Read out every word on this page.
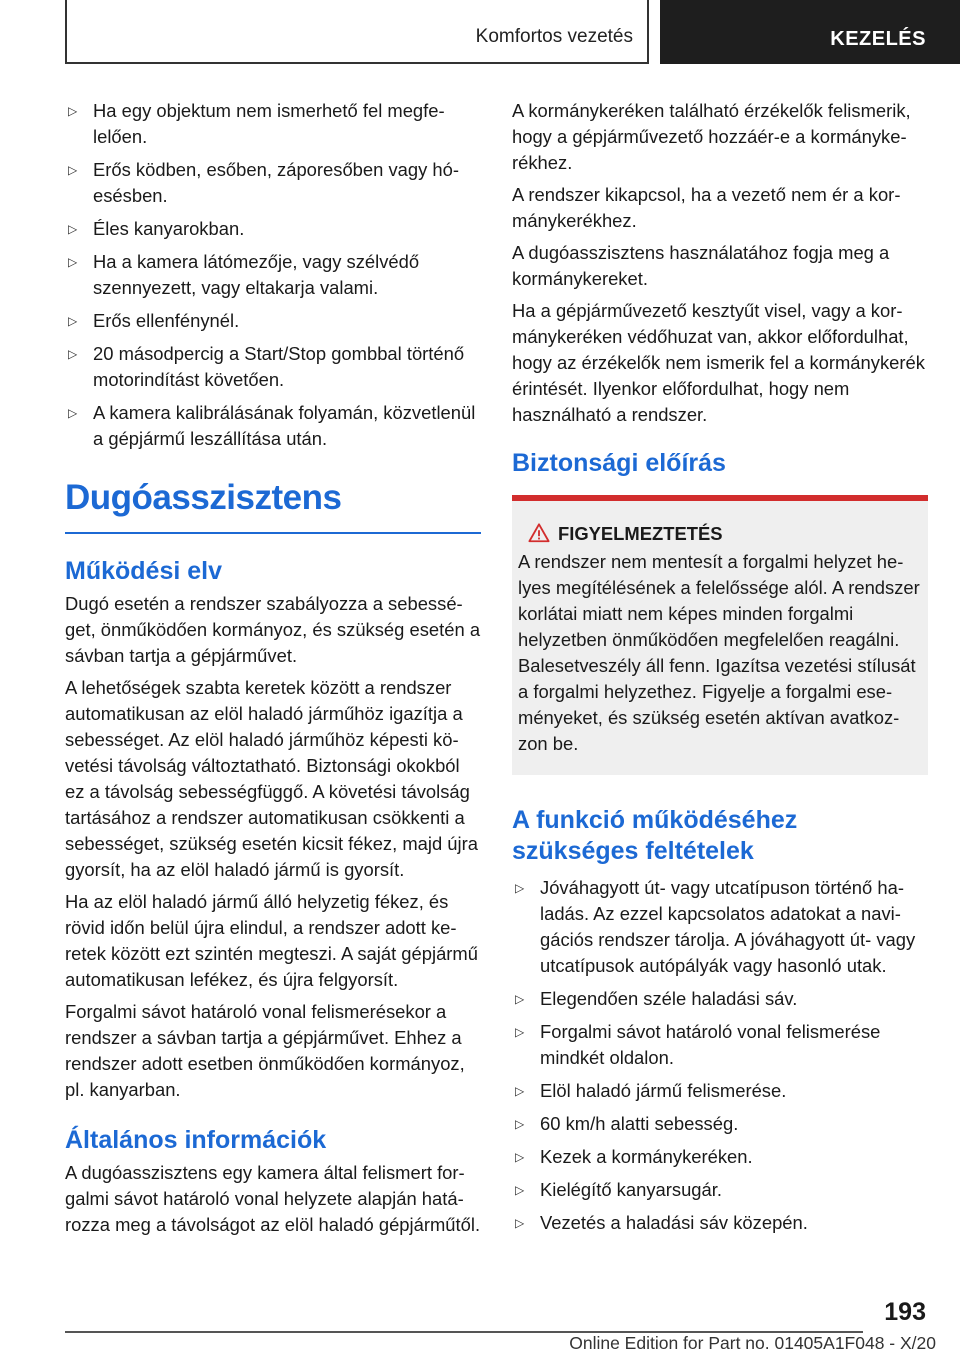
Komfortos vezetés	KEZELÉS
▷ Ha egy objektum nem ismerhető fel megfelelően.
▷ Erős ködben, esőben, záporesőben vagy hóesésben.
▷ Éles kanyarokban.
▷ Ha a kamera látómezője, vagy szélvédő szennyezett, vagy eltakarja valami.
▷ Erős ellenfénynél.
▷ 20 másodpercig a Start/Stop gombbal történő motorindítást követően.
▷ A kamera kalibrálásának folyamán, közvetlenül a gépjármű leszállítása után.
Dugóasszisztens
Működési elv

Dugó esetén a rendszer szabályozza a sebességet, önműködően kormányoz, és szükség esetén a sávban tartja a gépjárművet.

A lehetőségek szabta keretek között a rendszer automatikusan az elöl haladó járműhöz igazítja a sebességet. Az elöl haladó járműhöz képesti követési távolság változtatható. Biztonsági okokból ez a távolság sebességfüggő. A követési távolság tartásához a rendszer automatikusan csökkenti a sebességet, szükség esetén kicsit fékez, majd újra gyorsít, ha az elöl haladó jármű is gyorsít.

Ha az elöl haladó jármű álló helyzetig fékez, és rövid időn belül újra elindul, a rendszer adott keretek között ezt szintén megteszi. A saját gépjármű automatikusan lefékez, és újra felgyorsít.

Forgalmi sávot határoló vonal felismerésekor a rendszer a sávban tartja a gépjárművet. Ehhez a rendszer adott esetben önműködően kormányoz, pl. kanyarban.

Általános információk

A dugóasszisztens egy kamera által felismert forgalmi sávot határoló vonal helyzete alapján határozza meg a távolságot az elöl haladó gépjárműtől.

A kormánykeréken található érzékelők felismerik, hogy a gépjárművezető hozzáér-e a kormánykerékhez.

A rendszer kikapcsol, ha a vezető nem ér a kormánykerékhez.

A dugóasszisztens használatához fogja meg a kormánykereket.

Ha a gépjárművezető kesztyűt visel, vagy a kormánykeréken védőhuzat van, akkor előfordulhat, hogy az érzékelők nem ismerik fel a kormánykerék érintését. Ilyenkor előfordulhat, hogy nem használható a rendszer.

Biztonsági előírás
FIGYELMEZTETÉS

A rendszer nem mentesít a forgalmi helyzet helyes megítélésének a felelőssége alól. A rendszer korlátai miatt nem képes minden forgalmi helyzetben önműködően megfelelően reagálni. Balesetveszély áll fenn. Igazítsa vezetési stílusát a forgalmi helyzethez. Figyelje a forgalmi eseményeket, és szükség esetén aktívan avatkozzon be.

A funkció működéséhez szükséges feltételek
▷ Jóváhagyott út- vagy utcatípuson történő haladás. Az ezzel kapcsolatos adatokat a navigációs rendszer tárolja. A jóváhagyott út- vagy utcatípusok autópályák vagy hasonló utak.
▷ Elegendően széle haladási sáv.
▷ Forgalmi sávot határoló vonal felismerése mindkét oldalon.
▷ Elöl haladó jármű felismerése.
▷ 60 km/h alatti sebesség.
▷ Kezek a kormánykeréken.
▷ Kielégítő kanyarsugár.
▷ Vezetés a haladási sáv közepén.
193
Online Edition for Part no. 01405A1F048 - X/20
